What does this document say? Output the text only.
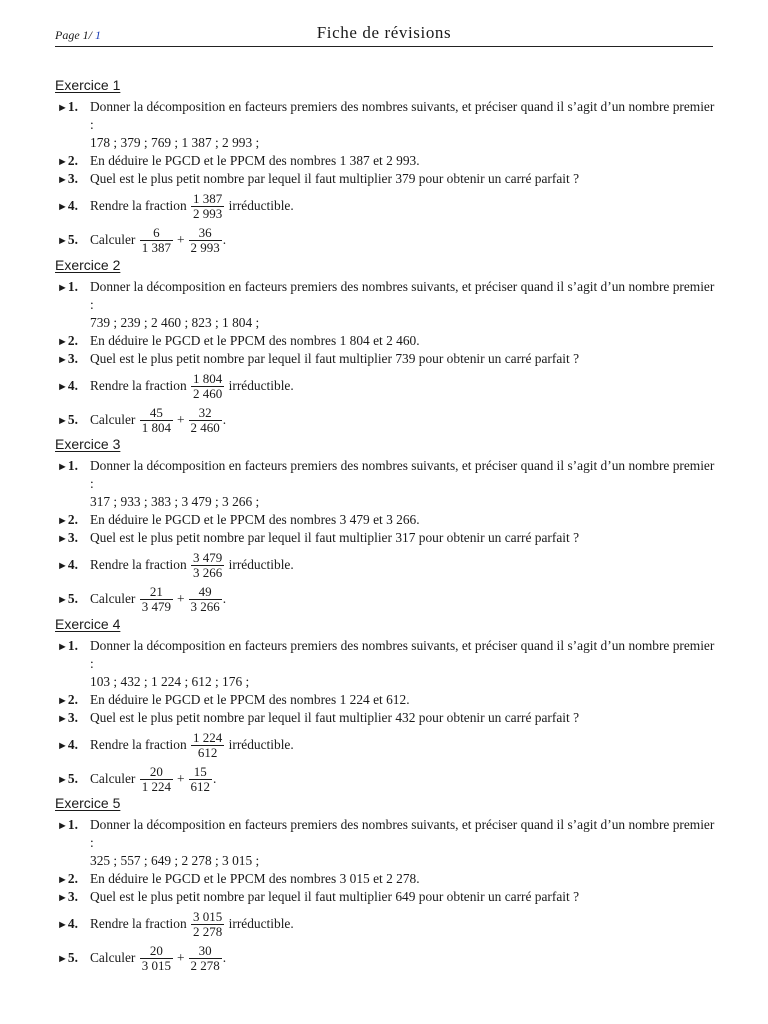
Page 1/ 1	Fiche de révisions
Exercice 1
►1. Donner la décomposition en facteurs premiers des nombres suivants, et préciser quand il s’agit d’un nombre premier :
178 ; 379 ; 769 ; 1 387 ; 2 993 ;
►2. En déduire le PGCD et le PPCM des nombres 1 387 et 2 993.
►3. Quel est le plus petit nombre par lequel il faut multiplier 379 pour obtenir un carré parfait ?
►4. Rendre la fraction $\frac{1 387}{2 993}$ irréductible.
►5. Calculer $\frac{6}{1 387} + \frac{36}{2 993}$ .
Exercice 2
►1. Donner la décomposition en facteurs premiers des nombres suivants, et préciser quand il s’agit d’un nombre premier :
739 ; 239 ; 2 460 ; 823 ; 1 804 ;
►2. En déduire le PGCD et le PPCM des nombres 1 804 et 2 460.
►3. Quel est le plus petit nombre par lequel il faut multiplier 739 pour obtenir un carré parfait ?
►4. Rendre la fraction $\frac{1 804}{2 460}$ irréductible.
►5. Calculer $\frac{45}{1 804} + \frac{32}{2 460}$ .
Exercice 3
►1. Donner la décomposition en facteurs premiers des nombres suivants, et préciser quand il s’agit d’un nombre premier :
317 ; 933 ; 383 ; 3 479 ; 3 266 ;
►2. En déduire le PGCD et le PPCM des nombres 3 479 et 3 266.
►3. Quel est le plus petit nombre par lequel il faut multiplier 317 pour obtenir un carré parfait ?
►4. Rendre la fraction $\frac{3 479}{3 266}$ irréductible.
►5. Calculer $\frac{21}{3 479} + \frac{49}{3 266}$ .
Exercice 4
►1. Donner la décomposition en facteurs premiers des nombres suivants, et préciser quand il s’agit d’un nombre premier :
103 ; 432 ; 1 224 ; 612 ; 176 ;
►2. En déduire le PGCD et le PPCM des nombres 1 224 et 612.
►3. Quel est le plus petit nombre par lequel il faut multiplier 432 pour obtenir un carré parfait ?
►4. Rendre la fraction $\frac{1 224}{612}$ irréductible.
►5. Calculer $\frac{20}{1 224} + \frac{15}{612}$ .
Exercice 5
►1. Donner la décomposition en facteurs premiers des nombres suivants, et préciser quand il s’agit d’un nombre premier :
325 ; 557 ; 649 ; 2 278 ; 3 015 ;
►2. En déduire le PGCD et le PPCM des nombres 3 015 et 2 278.
►3. Quel est le plus petit nombre par lequel il faut multiplier 649 pour obtenir un carré parfait ?
►4. Rendre la fraction $\frac{3 015}{2 278}$ irréductible.
►5. Calculer $\frac{20}{3 015} + \frac{30}{2 278}$ .
